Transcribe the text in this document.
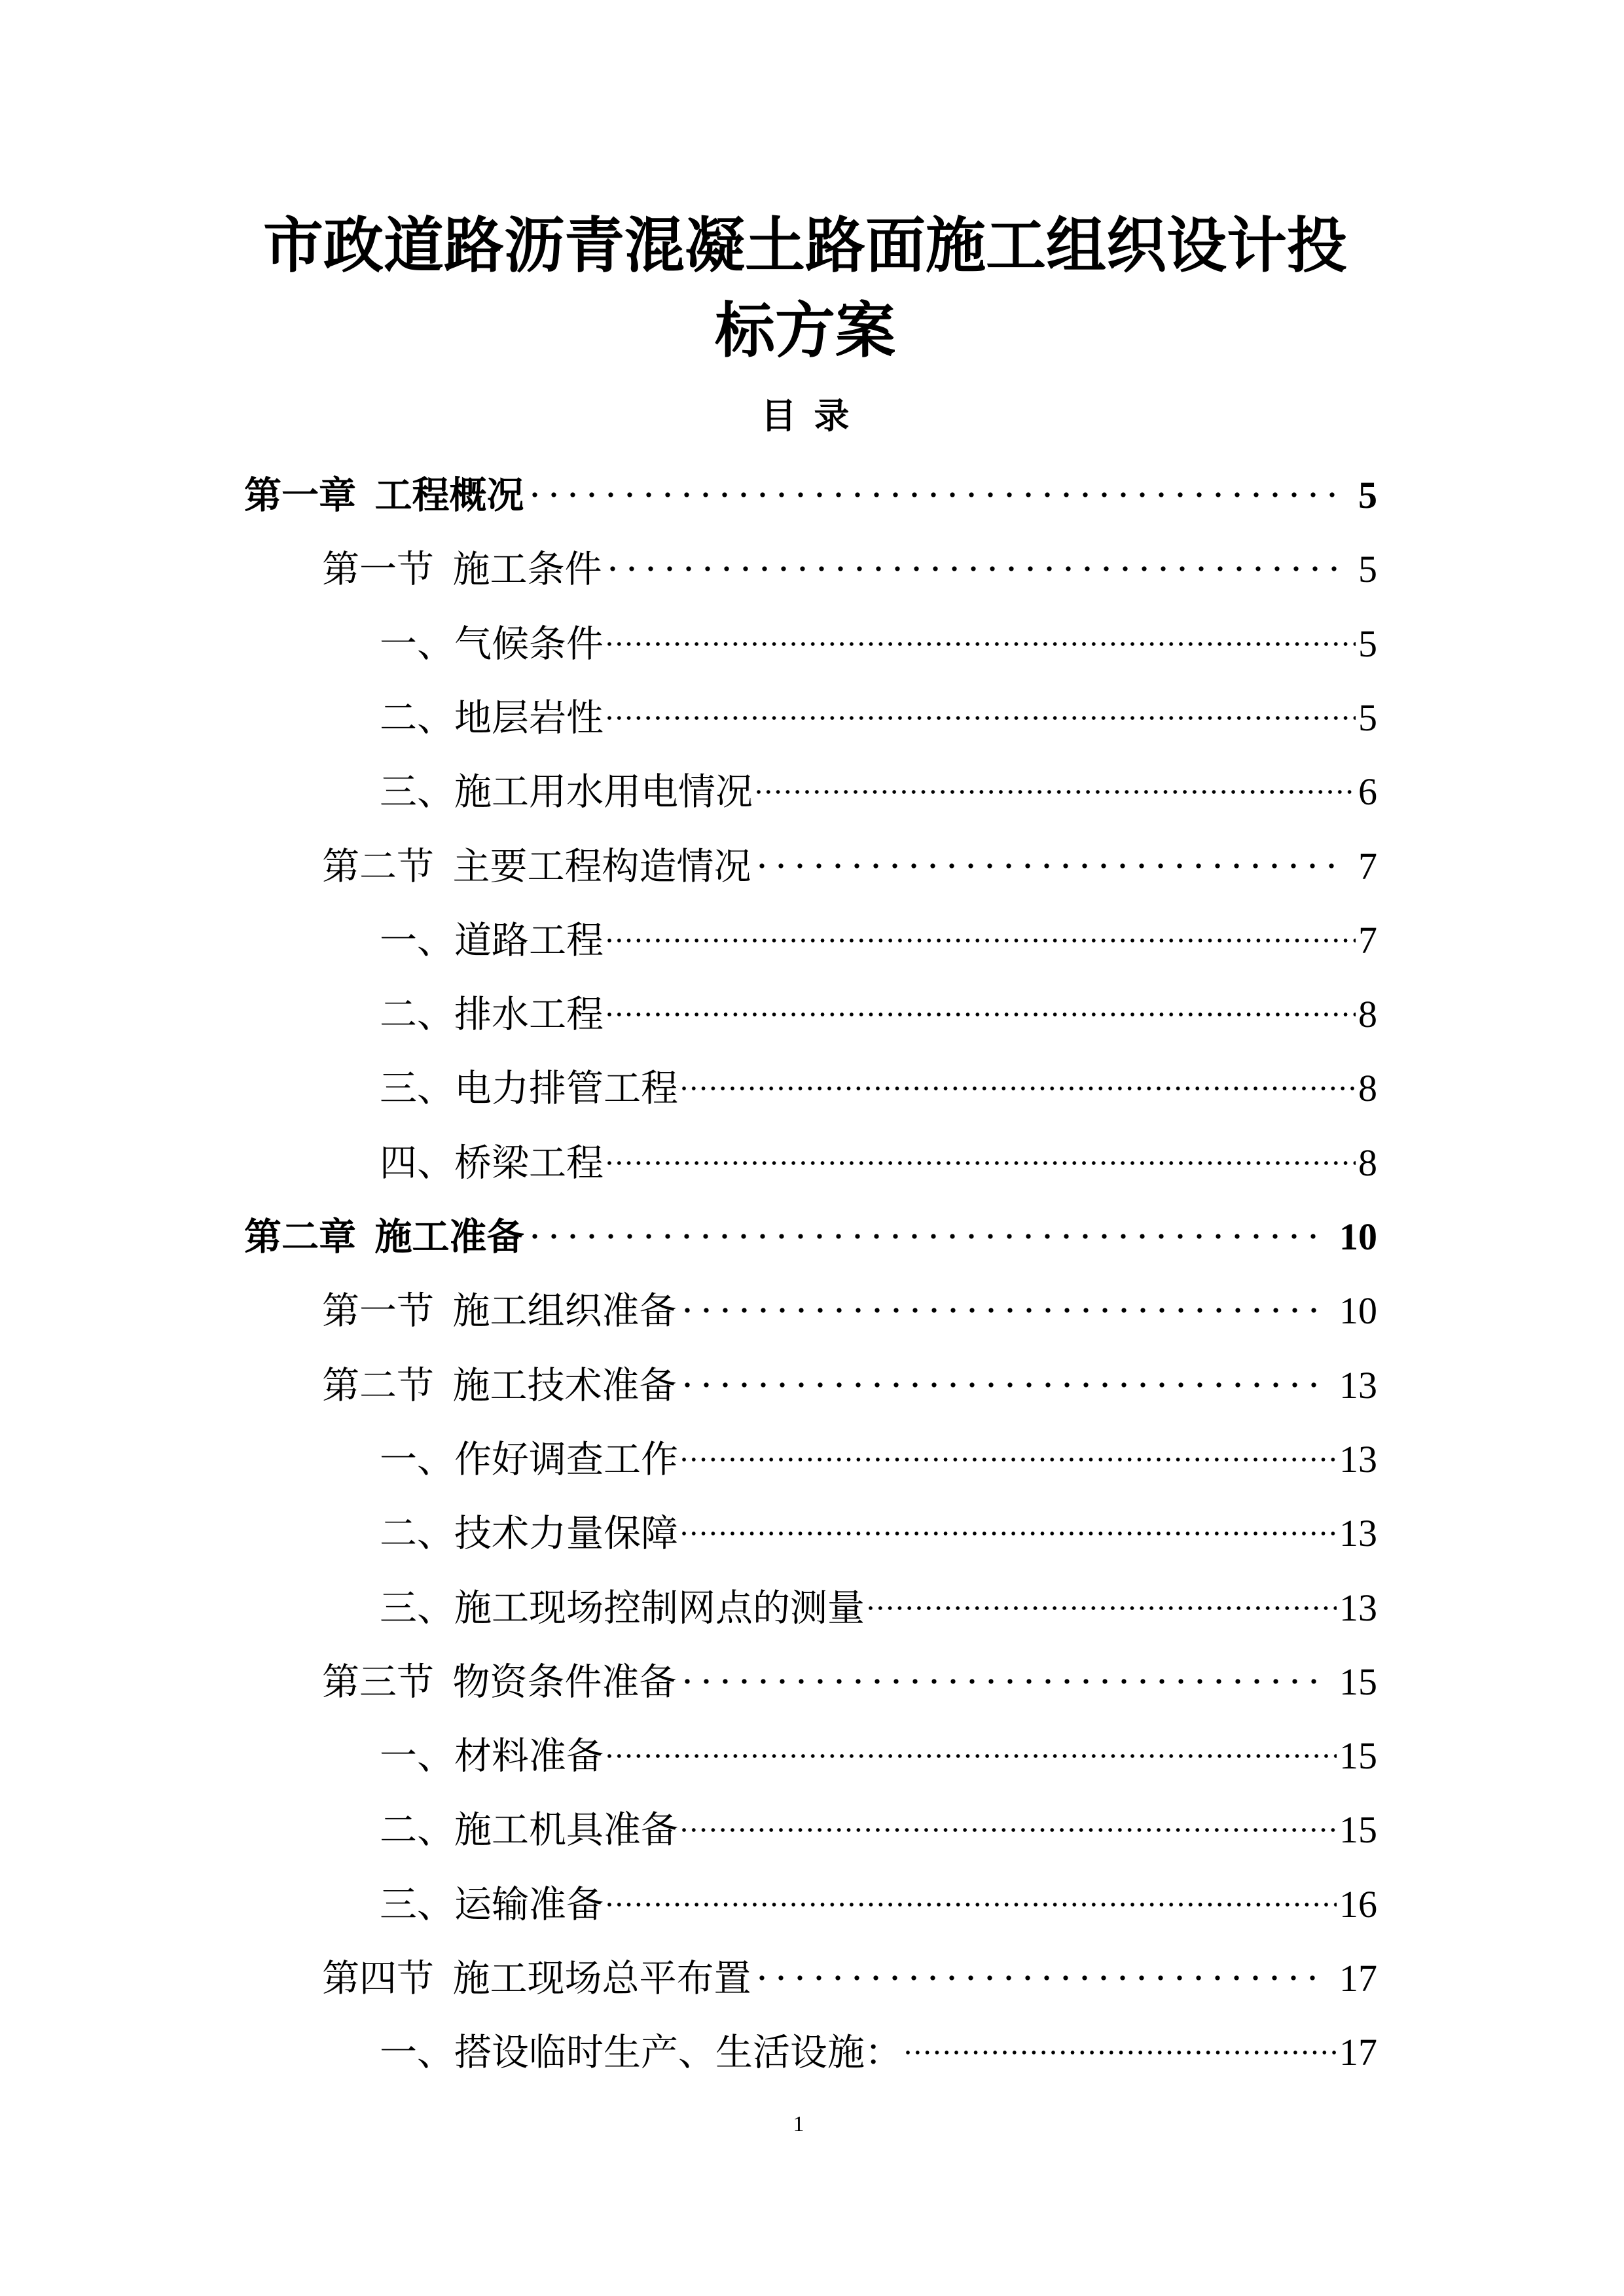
市政道路沥青混凝土路面施工组织设计投
标方案
目  录
第一章  工程概况	5
第一节  施工条件	5
一、气候条件	5
二、地层岩性	5
三、施工用水用电情况	6
第二节  主要工程构造情况	7
一、道路工程	7
二、排水工程	8
三、电力排管工程	8
四、桥梁工程	8
第二章  施工准备	10
第一节  施工组织准备	10
第二节  施工技术准备	13
一、作好调查工作	13
二、技术力量保障	13
三、施工现场控制网点的测量	13
第三节  物资条件准备	15
一、材料准备	15
二、施工机具准备	15
三、运输准备	16
第四节  施工现场总平布置	17
一、搭设临时生产、生活设施：	17
1
